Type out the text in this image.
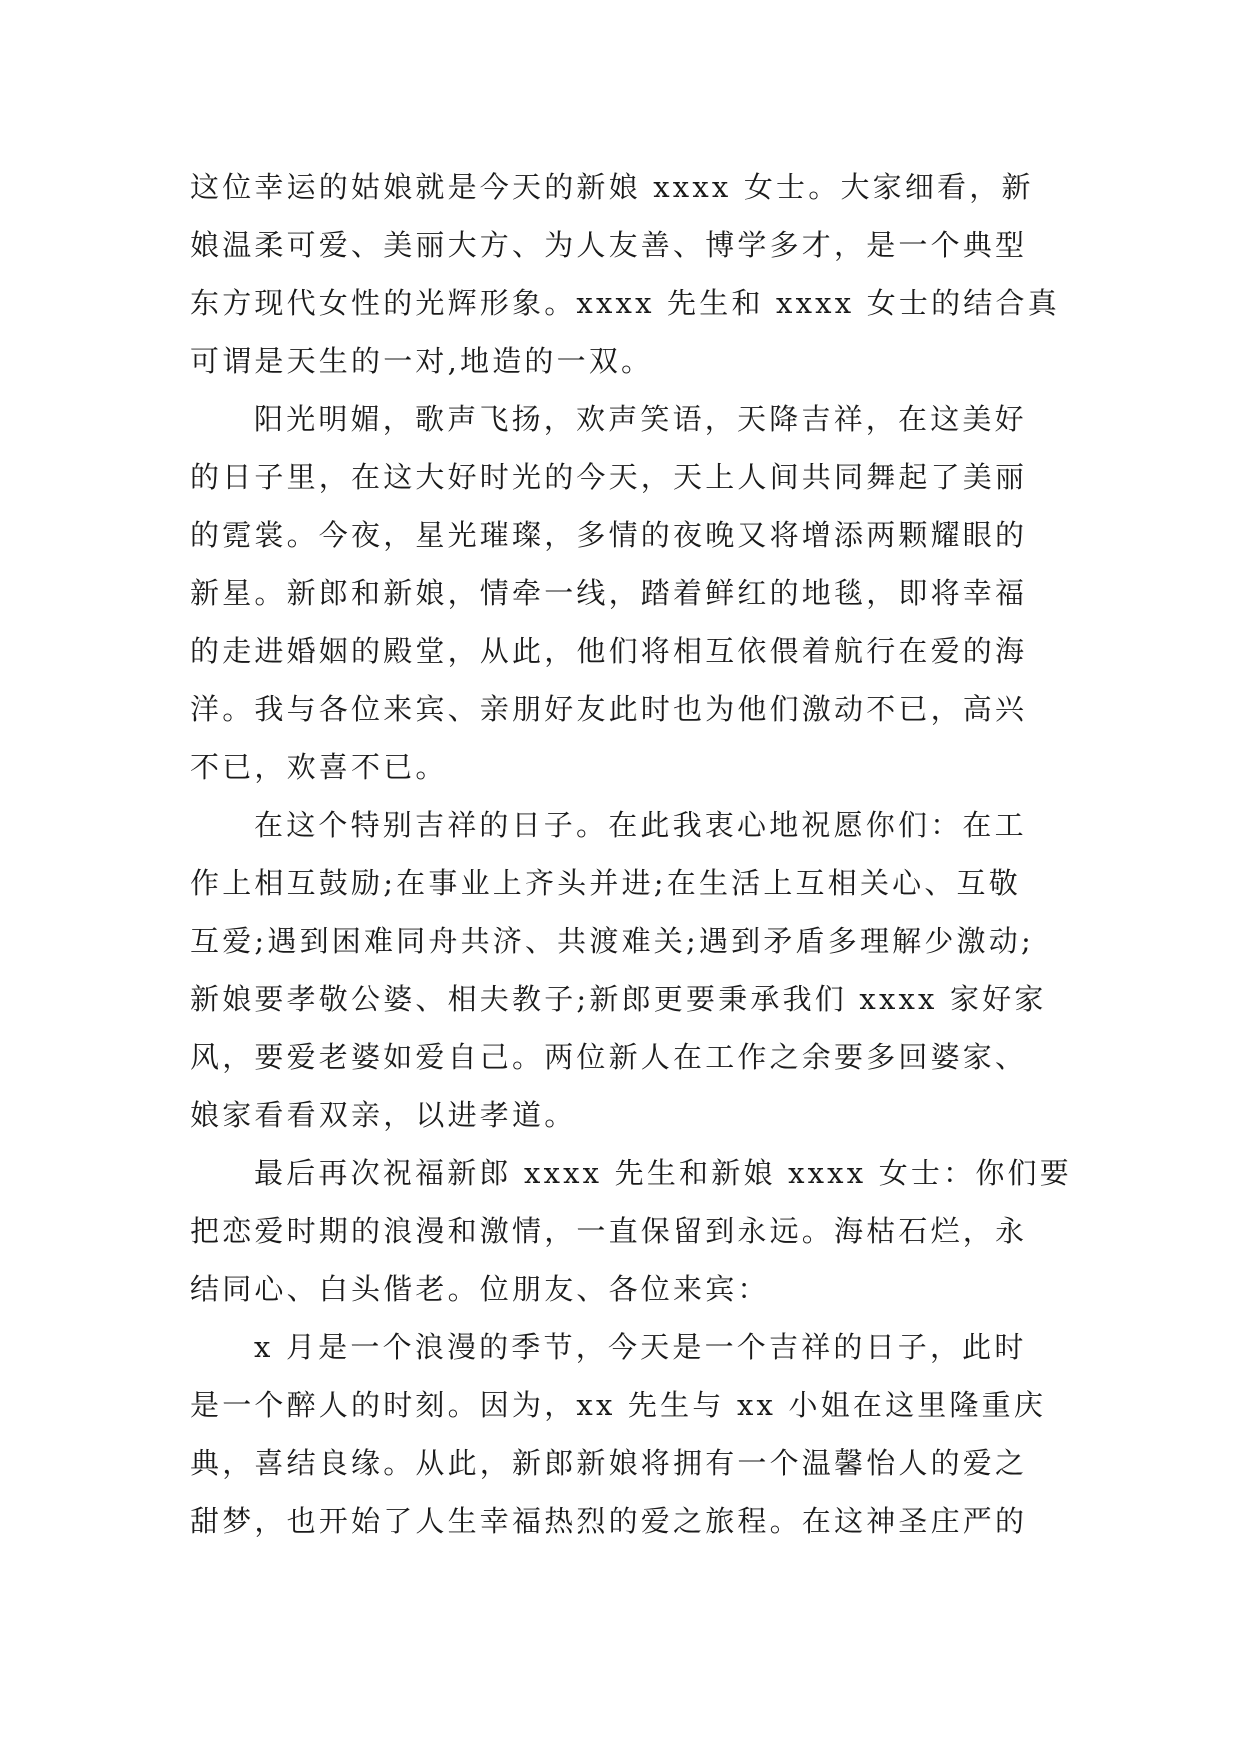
这位幸运的姑娘就是今天的新娘 xxxx 女士。大家细看，新
娘温柔可爱、美丽大方、为人友善、博学多才，是一个典型
东方现代女性的光辉形象。xxxx 先生和 xxxx 女士的结合真
可谓是天生的一对,地造的一双。
阳光明媚，歌声飞扬，欢声笑语，天降吉祥，在这美好
的日子里，在这大好时光的今天，天上人间共同舞起了美丽
的霓裳。今夜，星光璀璨，多情的夜晚又将增添两颗耀眼的
新星。新郎和新娘，情牵一线，踏着鲜红的地毯，即将幸福
的走进婚姻的殿堂，从此，他们将相互依偎着航行在爱的海
洋。我与各位来宾、亲朋好友此时也为他们激动不已，高兴
不已，欢喜不已。
在这个特别吉祥的日子。在此我衷心地祝愿你们：在工
作上相互鼓励;在事业上齐头并进;在生活上互相关心、互敬
互爱;遇到困难同舟共济、共渡难关;遇到矛盾多理解少激动;
新娘要孝敬公婆、相夫教子;新郎更要秉承我们 xxxx 家好家
风，要爱老婆如爱自己。两位新人在工作之余要多回婆家、
娘家看看双亲，以进孝道。
最后再次祝福新郎 xxxx 先生和新娘 xxxx 女士：你们要
把恋爱时期的浪漫和激情，一直保留到永远。海枯石烂，永
结同心、白头偕老。位朋友、各位来宾：
x 月是一个浪漫的季节，今天是一个吉祥的日子，此时
是一个醉人的时刻。因为，xx 先生与 xx 小姐在这里隆重庆
典，喜结良缘。从此，新郎新娘将拥有一个温馨怡人的爱之
甜梦，也开始了人生幸福热烈的爱之旅程。在这神圣庄严的
